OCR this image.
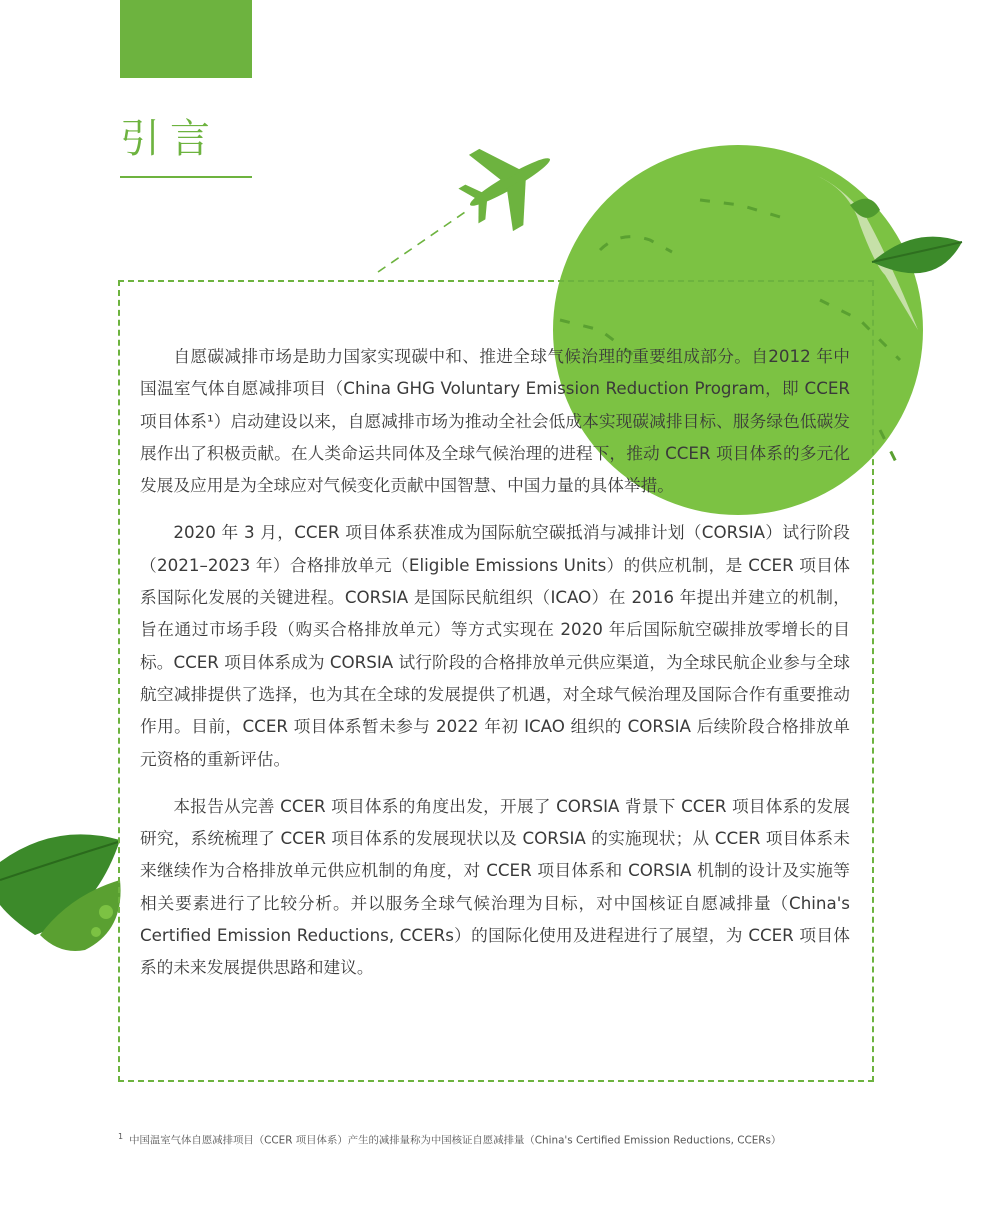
引言

自愿碳减排市场是助力国家实现碳中和、推进全球气候治理的重要组成部分。自2012 年中国温室气体自愿减排项目（China GHG Voluntary Emission Reduction Program，即 CCER 项目体系¹）启动建设以来，自愿减排市场为推动全社会低成本实现碳减排目标、服务绿色低碳发展作出了积极贡献。在人类命运共同体及全球气候治理的进程下，推动 CCER 项目体系的多元化发展及应用是为全球应对气候变化贡献中国智慧、中国力量的具体举措。

2020 年 3 月，CCER 项目体系获准成为国际航空碳抵消与减排计划（CORSIA）试行阶段（2021–2023 年）合格排放单元（Eligible Emissions Units）的供应机制，是 CCER 项目体系国际化发展的关键进程。CORSIA 是国际民航组织（ICAO）在 2016 年提出并建立的机制，旨在通过市场手段（购买合格排放单元）等方式实现在 2020 年后国际航空碳排放零增长的目标。CCER 项目体系成为 CORSIA 试行阶段的合格排放单元供应渠道，为全球民航企业参与全球航空减排提供了选择，也为其在全球的发展提供了机遇，对全球气候治理及国际合作有重要推动作用。目前，CCER 项目体系暂未参与 2022 年初 ICAO 组织的 CORSIA 后续阶段合格排放单元资格的重新评估。

本报告从完善 CCER 项目体系的角度出发，开展了 CORSIA 背景下 CCER 项目体系的发展研究，系统梳理了 CCER 项目体系的发展现状以及 CORSIA 的实施现状；从 CCER 项目体系未来继续作为合格排放单元供应机制的角度，对 CCER 项目体系和 CORSIA 机制的设计及实施等相关要素进行了比较分析。并以服务全球气候治理为目标，对中国核证自愿减排量（China's Certified Emission Reductions, CCERs）的国际化使用及进程进行了展望，为 CCER 项目体系的未来发展提供思路和建议。

$^1$ 中国温室气体自愿减排项目（CCER 项目体系）产生的减排量称为中国核证自愿减排量（China's Certified Emission Reductions, CCERs）
